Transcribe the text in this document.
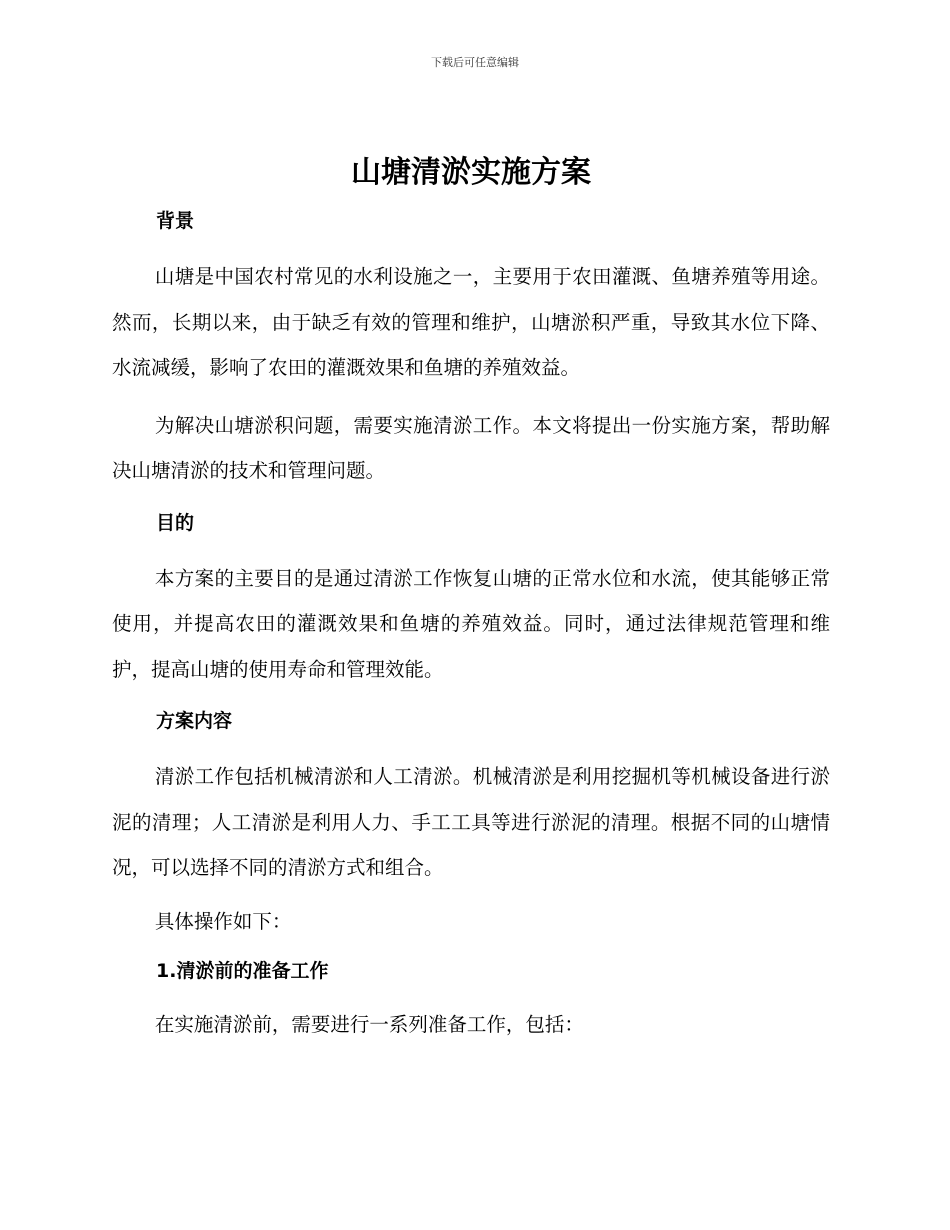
下载后可任意编辑
山塘清淤实施方案
背景

山塘是中国农村常见的水利设施之一，主要用于农田灌溉、鱼塘养殖等用途。然而，长期以来，由于缺乏有效的管理和维护，山塘淤积严重，导致其水位下降、水流减缓，影响了农田的灌溉效果和鱼塘的养殖效益。

为解决山塘淤积问题，需要实施清淤工作。本文将提出一份实施方案，帮助解决山塘清淤的技术和管理问题。

目的

本方案的主要目的是通过清淤工作恢复山塘的正常水位和水流，使其能够正常使用，并提高农田的灌溉效果和鱼塘的养殖效益。同时，通过法律规范管理和维护，提高山塘的使用寿命和管理效能。

方案内容

清淤工作包括机械清淤和人工清淤。机械清淤是利用挖掘机等机械设备进行淤泥的清理；人工清淤是利用人力、手工工具等进行淤泥的清理。根据不同的山塘情况，可以选择不同的清淤方式和组合。

具体操作如下：

1.清淤前的准备工作

在实施清淤前，需要进行一系列准备工作，包括：
